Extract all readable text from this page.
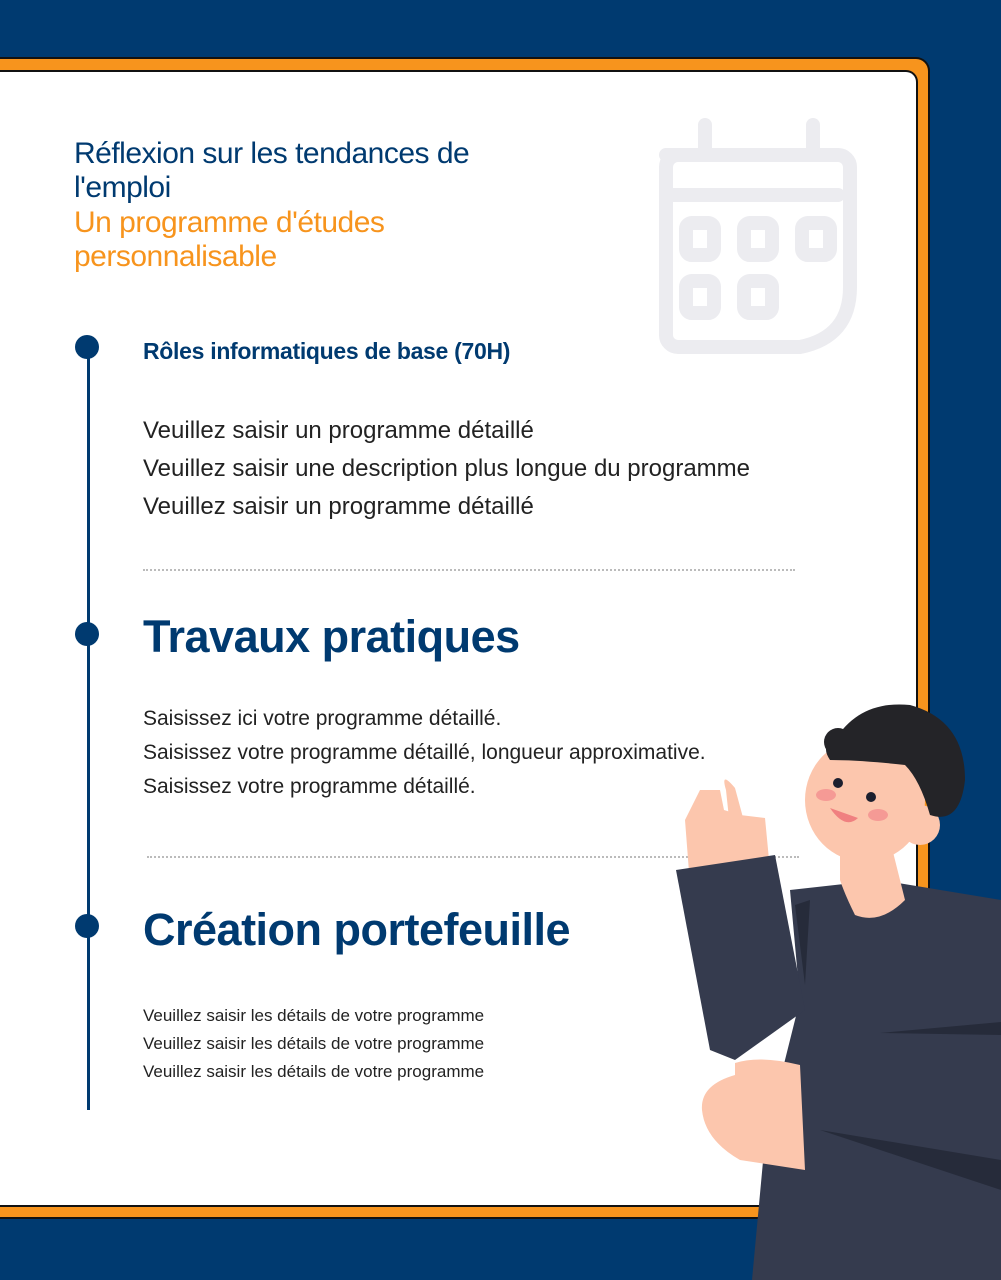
Réflexion sur les tendances de l'emploi
Un programme d'études personnalisable
Rôles informatiques de base (70H)
Veuillez saisir un programme détaillé
Veuillez saisir une description plus longue du programme
Veuillez saisir un programme détaillé
Travaux pratiques
Saisissez ici votre programme détaillé.
Saisissez votre programme détaillé, longueur approximative.
Saisissez votre programme détaillé.
Création portefeuille
Veuillez saisir les détails de votre programme
Veuillez saisir les détails de votre programme
Veuillez saisir les détails de votre programme
